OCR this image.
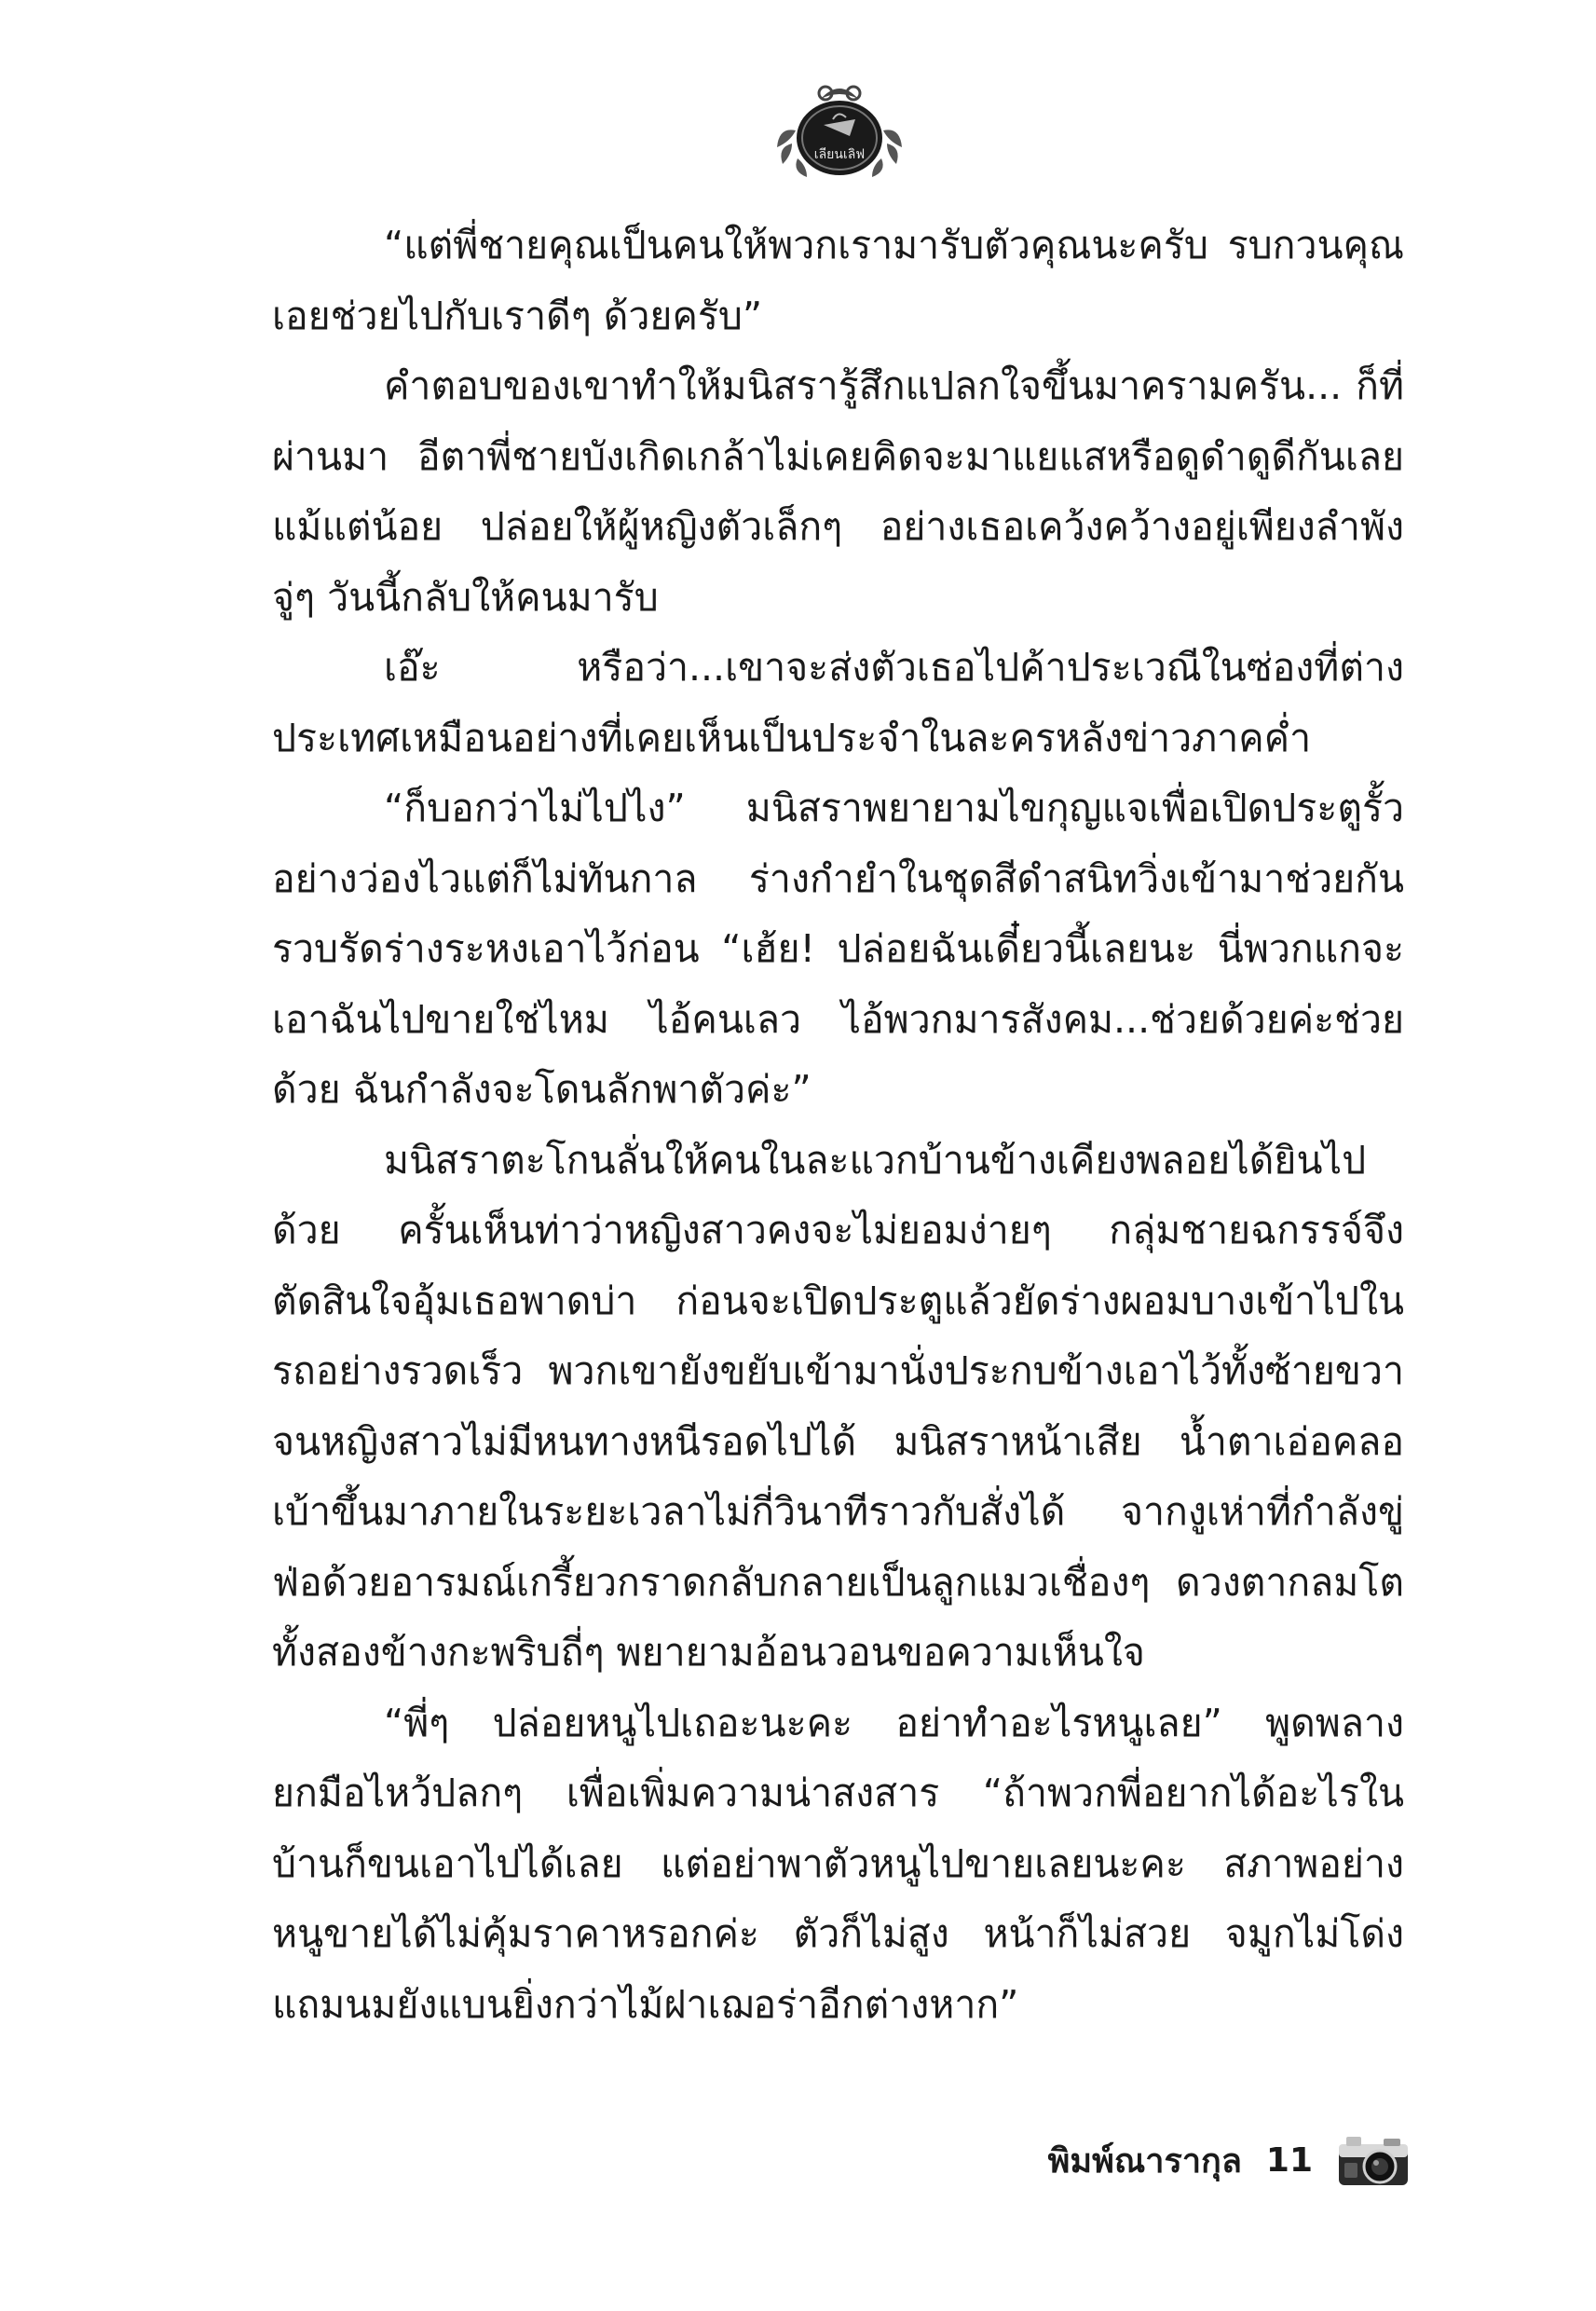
เลียนเลิฟ

“แต่พี่ชายคุณเป็นคนให้พวกเรามารับตัวคุณนะครับ รบกวนคุณเอยช่วยไปกับเราดีๆ ด้วยครับ”

คำตอบของเขาทำให้มนิสรารู้สึกแปลกใจขึ้นมาครามครัน... ก็ที่ผ่านมา อีตาพี่ชายบังเกิดเกล้าไม่เคยคิดจะมาแยแสหรือดูดำดูดีกันเลยแม้แต่น้อย ปล่อยให้ผู้หญิงตัวเล็กๆ อย่างเธอเคว้งคว้างอยู่เพียงลำพัง จู่ๆ วันนี้กลับให้คนมารับ

เอ๊ะ หรือว่า...เขาจะส่งตัวเธอไปค้าประเวณีในซ่องที่ต่างประเทศเหมือนอย่างที่เคยเห็นเป็นประจำในละครหลังข่าวภาคค่ำ

“ก็บอกว่าไม่ไปไง” มนิสราพยายามไขกุญแจเพื่อเปิดประตูรั้วอย่างว่องไวแต่ก็ไม่ทันกาล ร่างกำยำในชุดสีดำสนิทวิ่งเข้ามาช่วยกันรวบรัดร่างระหงเอาไว้ก่อน “เฮ้ย! ปล่อยฉันเดี๋ยวนี้เลยนะ นี่พวกแกจะเอาฉันไปขายใช่ไหม ไอ้คนเลว ไอ้พวกมารสังคม...ช่วยด้วยค่ะช่วยด้วย ฉันกำลังจะโดนลักพาตัวค่ะ”

มนิสราตะโกนลั่นให้คนในละแวกบ้านข้างเคียงพลอยได้ยินไปด้วย ครั้นเห็นท่าว่าหญิงสาวคงจะไม่ยอมง่ายๆ กลุ่มชายฉกรรจ์จึงตัดสินใจอุ้มเธอพาดบ่า ก่อนจะเปิดประตูแล้วยัดร่างผอมบางเข้าไปในรถอย่างรวดเร็ว พวกเขายังขยับเข้ามานั่งประกบข้างเอาไว้ทั้งซ้ายขวาจนหญิงสาวไม่มีหนทางหนีรอดไปได้ มนิสราหน้าเสีย น้ำตาเอ่อคลอเบ้าขึ้นมาภายในระยะเวลาไม่กี่วินาทีราวกับสั่งได้ จากงูเห่าที่กำลังขู่ฟ่อด้วยอารมณ์เกรี้ยวกราดกลับกลายเป็นลูกแมวเชื่องๆ ดวงตากลมโตทั้งสองข้างกะพริบถี่ๆ พยายามอ้อนวอนขอความเห็นใจ

“พี่ๆ ปล่อยหนูไปเถอะนะคะ อย่าทำอะไรหนูเลย” พูดพลางยกมือไหว้ปลกๆ เพื่อเพิ่มความน่าสงสาร “ถ้าพวกพี่อยากได้อะไรในบ้านก็ขนเอาไปได้เลย แต่อย่าพาตัวหนูไปขายเลยนะคะ สภาพอย่างหนูขายได้ไม่คุ้มราคาหรอกค่ะ ตัวก็ไม่สูง หน้าก็ไม่สวย จมูกไม่โด่งแถมนมยังแบนยิ่งกว่าไม้ฝาเฌอร่าอีกต่างหาก”

พิมพ์ณารากุล 11
